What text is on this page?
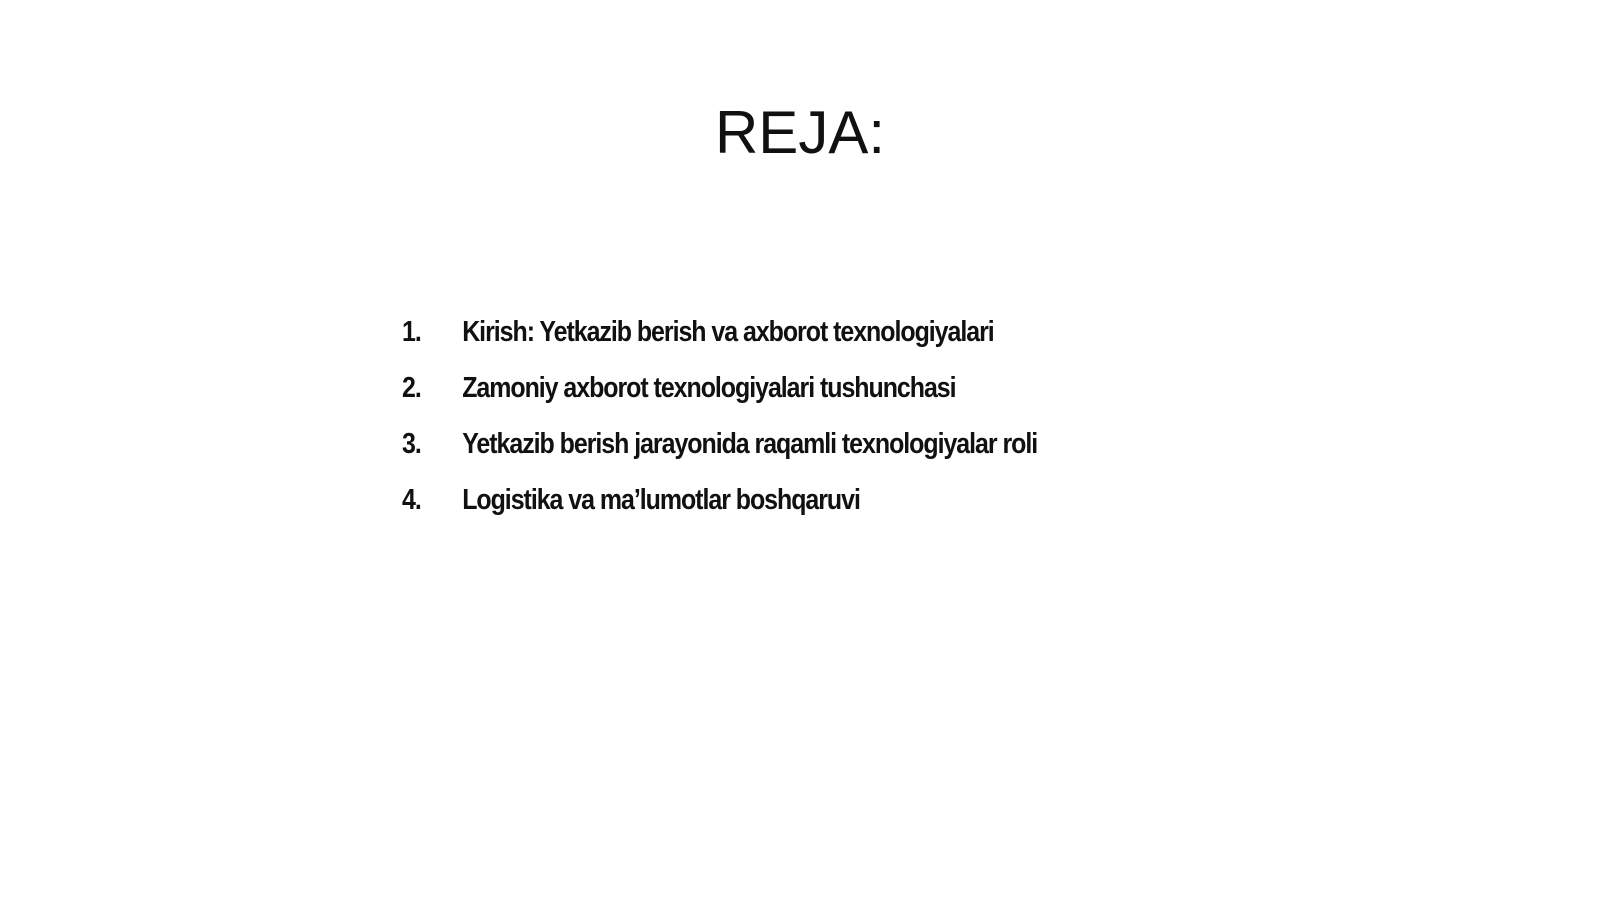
REJA:
1.	Kirish: Yetkazib berish va axborot texnologiyalari
2.	Zamoniy axborot texnologiyalari tushunchasi
3.	Yetkazib berish jarayonida raqamli texnologiyalar roli
4.	Logistika va ma’lumotlar boshqaruvi
